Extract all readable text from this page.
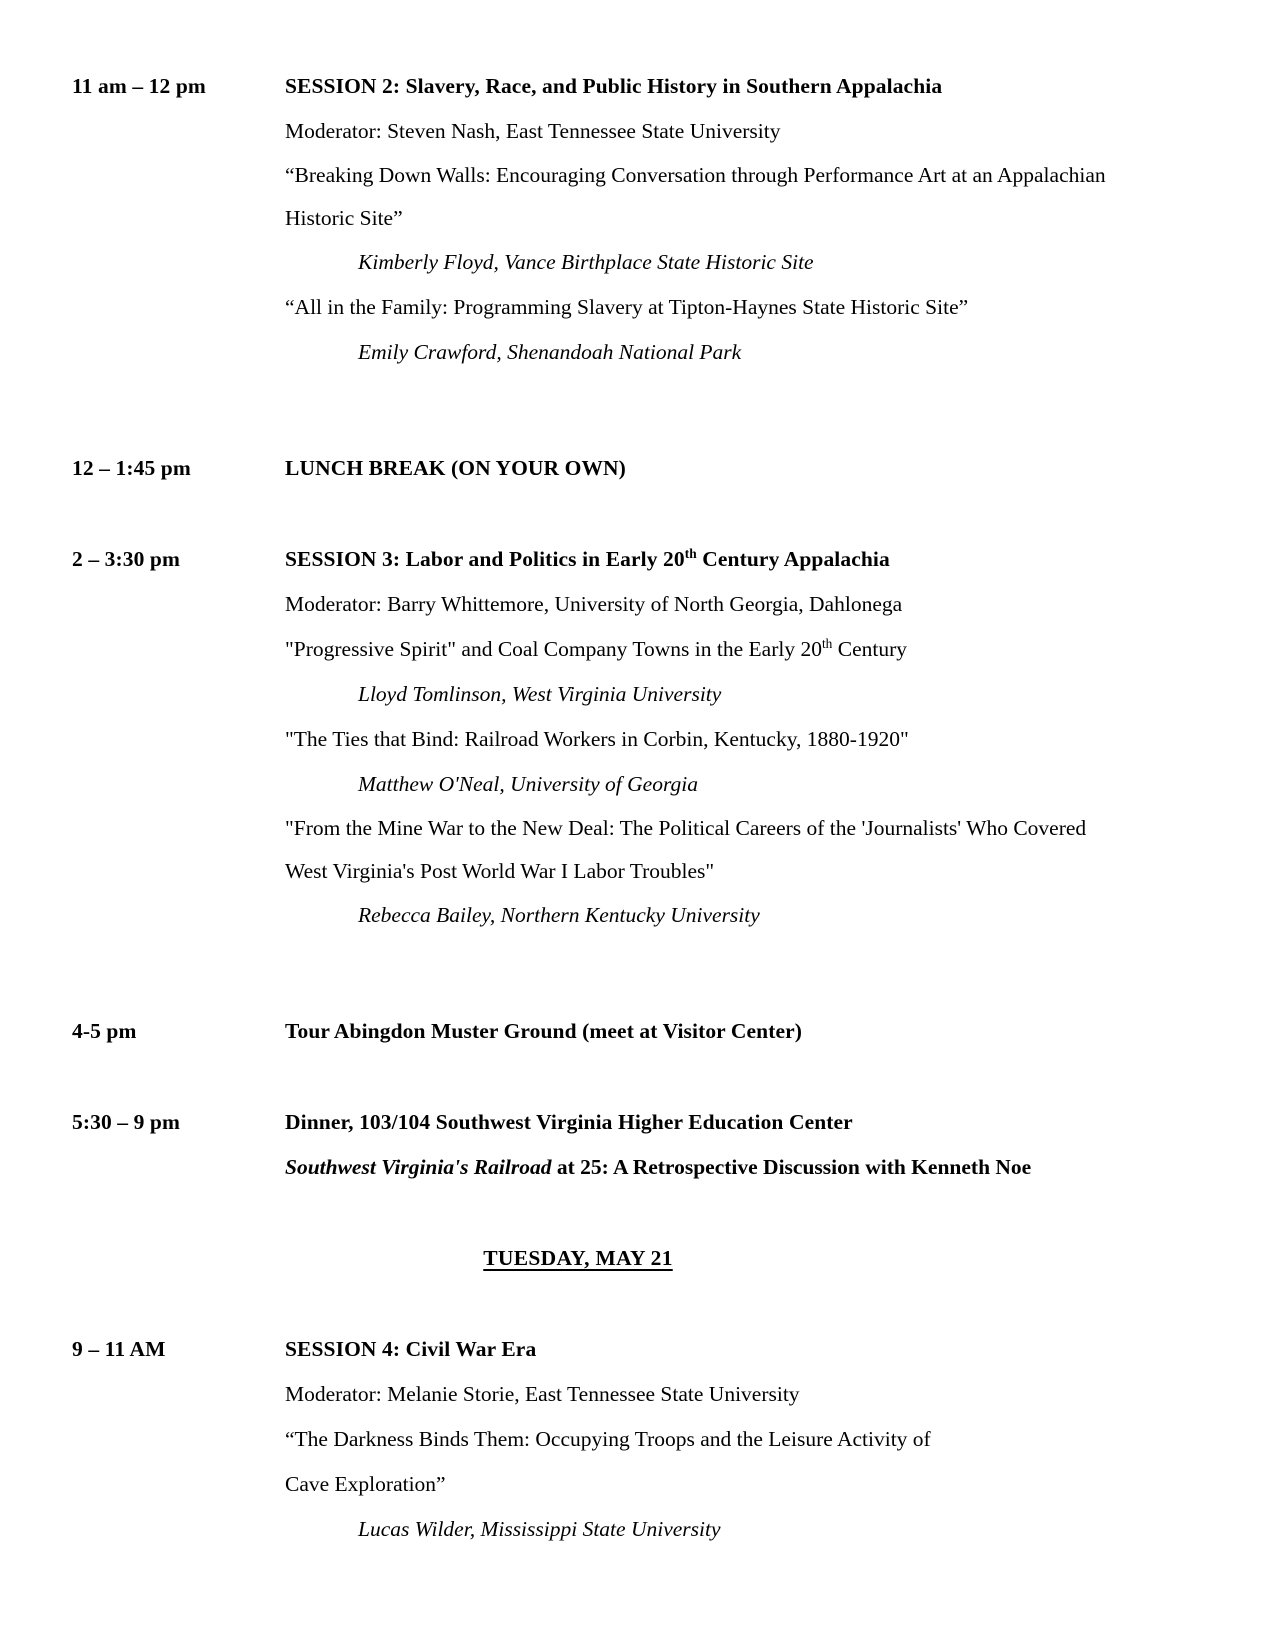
11 am – 12 pm	SESSION 2: Slavery, Race, and Public History in Southern Appalachia

Moderator: Steven Nash, East Tennessee State University

“Breaking Down Walls: Encouraging Conversation through Performance Art at an Appalachian Historic Site”

Kimberly Floyd, Vance Birthplace State Historic Site

“All in the Family: Programming Slavery at Tipton-Haynes State Historic Site”

Emily Crawford, Shenandoah National Park

12 – 1:45 pm	LUNCH BREAK (ON YOUR OWN)

2 – 3:30 pm	SESSION 3: Labor and Politics in Early 20th Century Appalachia

Moderator: Barry Whittemore, University of North Georgia, Dahlonega

"Progressive Spirit" and Coal Company Towns in the Early 20th Century

Lloyd Tomlinson, West Virginia University

"The Ties that Bind: Railroad Workers in Corbin, Kentucky, 1880-1920"

Matthew O'Neal, University of Georgia

"From the Mine War to the New Deal: The Political Careers of the 'Journalists' Who Covered West Virginia's Post World War I Labor Troubles"

Rebecca Bailey, Northern Kentucky University

4-5 pm	Tour Abingdon Muster Ground (meet at Visitor Center)

5:30 – 9 pm	Dinner, 103/104 Southwest Virginia Higher Education Center

Southwest Virginia's Railroad at 25: A Retrospective Discussion with Kenneth Noe

TUESDAY, MAY 21
9 – 11 AM	SESSION 4: Civil War Era

Moderator: Melanie Storie, East Tennessee State University

“The Darkness Binds Them: Occupying Troops and the Leisure Activity of

Cave Exploration”

Lucas Wilder, Mississippi State University
